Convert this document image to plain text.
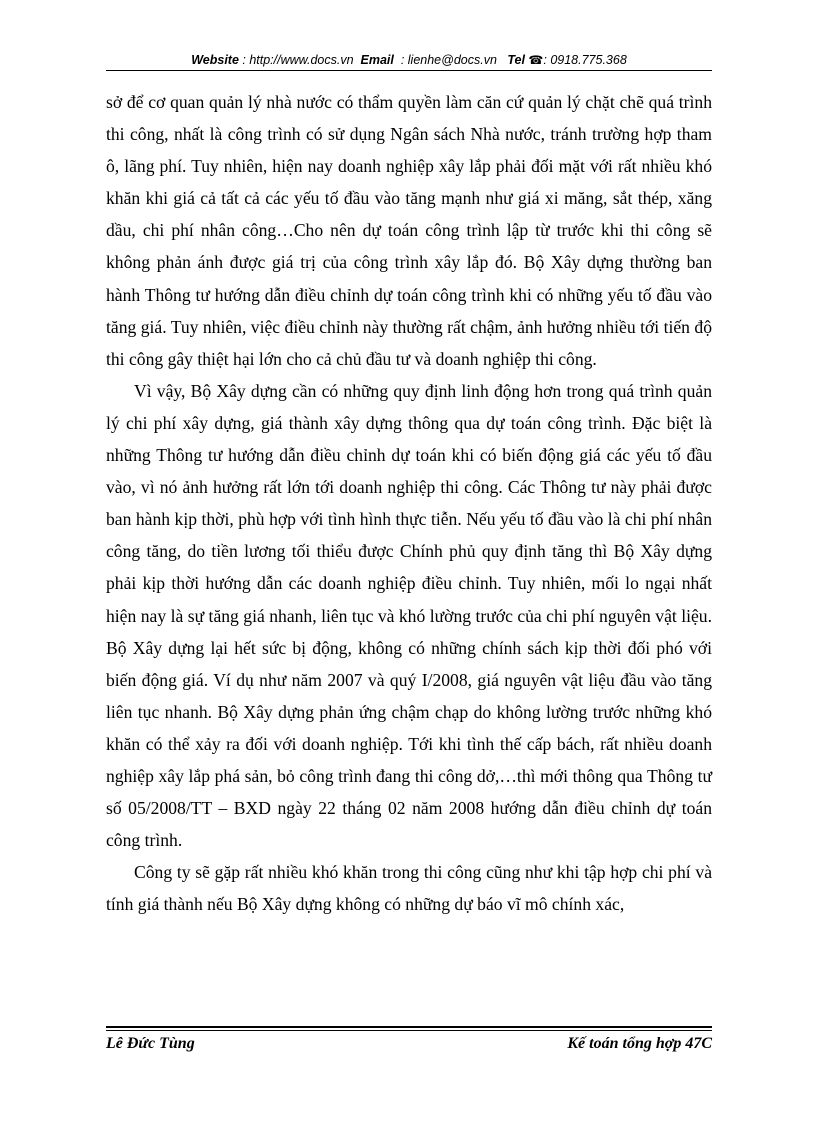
Website : http://www.docs.vn Email : lienhe@docs.vn Tel ☎: 0918.775.368

sở để cơ quan quản lý nhà nước có thẩm quyền làm căn cứ quản lý chặt chẽ quá trình thi công, nhất là công trình có sử dụng Ngân sách Nhà nước, tránh trường hợp tham ô, lãng phí. Tuy nhiên, hiện nay doanh nghiệp xây lắp phải đối mặt với rất nhiều khó khăn khi giá cả tất cả các yếu tố đầu vào tăng mạnh như giá xi măng, sắt thép, xăng dầu, chi phí nhân công…Cho nên dự toán công trình lập từ trước khi thi công sẽ không phản ánh được giá trị của công trình xây lắp đó. Bộ Xây dựng thường ban hành Thông tư hướng dẫn điều chỉnh dự toán công trình khi có những yếu tố đầu vào tăng giá. Tuy nhiên, việc điều chỉnh này thường rất chậm, ảnh hưởng nhiều tới tiến độ thi công gây thiệt hại lớn cho cả chủ đầu tư và doanh nghiệp thi công.

Vì vậy, Bộ Xây dựng cần có những quy định linh động hơn trong quá trình quản lý chi phí xây dựng, giá thành xây dựng thông qua dự toán công trình. Đặc biệt là những Thông tư hướng dẫn điều chỉnh dự toán khi có biến động giá các yếu tố đầu vào, vì nó ảnh hưởng rất lớn tới doanh nghiệp thi công. Các Thông tư này phải được ban hành kịp thời, phù hợp với tình hình thực tiễn. Nếu yếu tố đầu vào là chi phí nhân công tăng, do tiền lương tối thiểu được Chính phủ quy định tăng thì Bộ Xây dựng phải kịp thời hướng dẫn các doanh nghiệp điều chỉnh. Tuy nhiên, mối lo ngại nhất hiện nay là sự tăng giá nhanh, liên tục và khó lường trước của chi phí nguyên vật liệu. Bộ Xây dựng lại hết sức bị động, không có những chính sách kịp thời đối phó với biến động giá. Ví dụ như năm 2007 và quý I/2008, giá nguyên vật liệu đầu vào tăng liên tục nhanh. Bộ Xây dựng phản ứng chậm chạp do không lường trước những khó khăn có thể xảy ra đối với doanh nghiệp. Tới khi tình thế cấp bách, rất nhiều doanh nghiệp xây lắp phá sản, bỏ công trình đang thi công dở,…thì mới thông qua Thông tư số 05/2008/TT – BXD ngày 22 tháng 02 năm 2008 hướng dẫn điều chỉnh dự toán công trình.

Công ty sẽ gặp rất nhiều khó khăn trong thi công cũng như khi tập hợp chi phí và tính giá thành nếu Bộ Xây dựng không có những dự báo vĩ mô chính xác,

Lê Đức Tùng	Kế toán tổng hợp 47C
